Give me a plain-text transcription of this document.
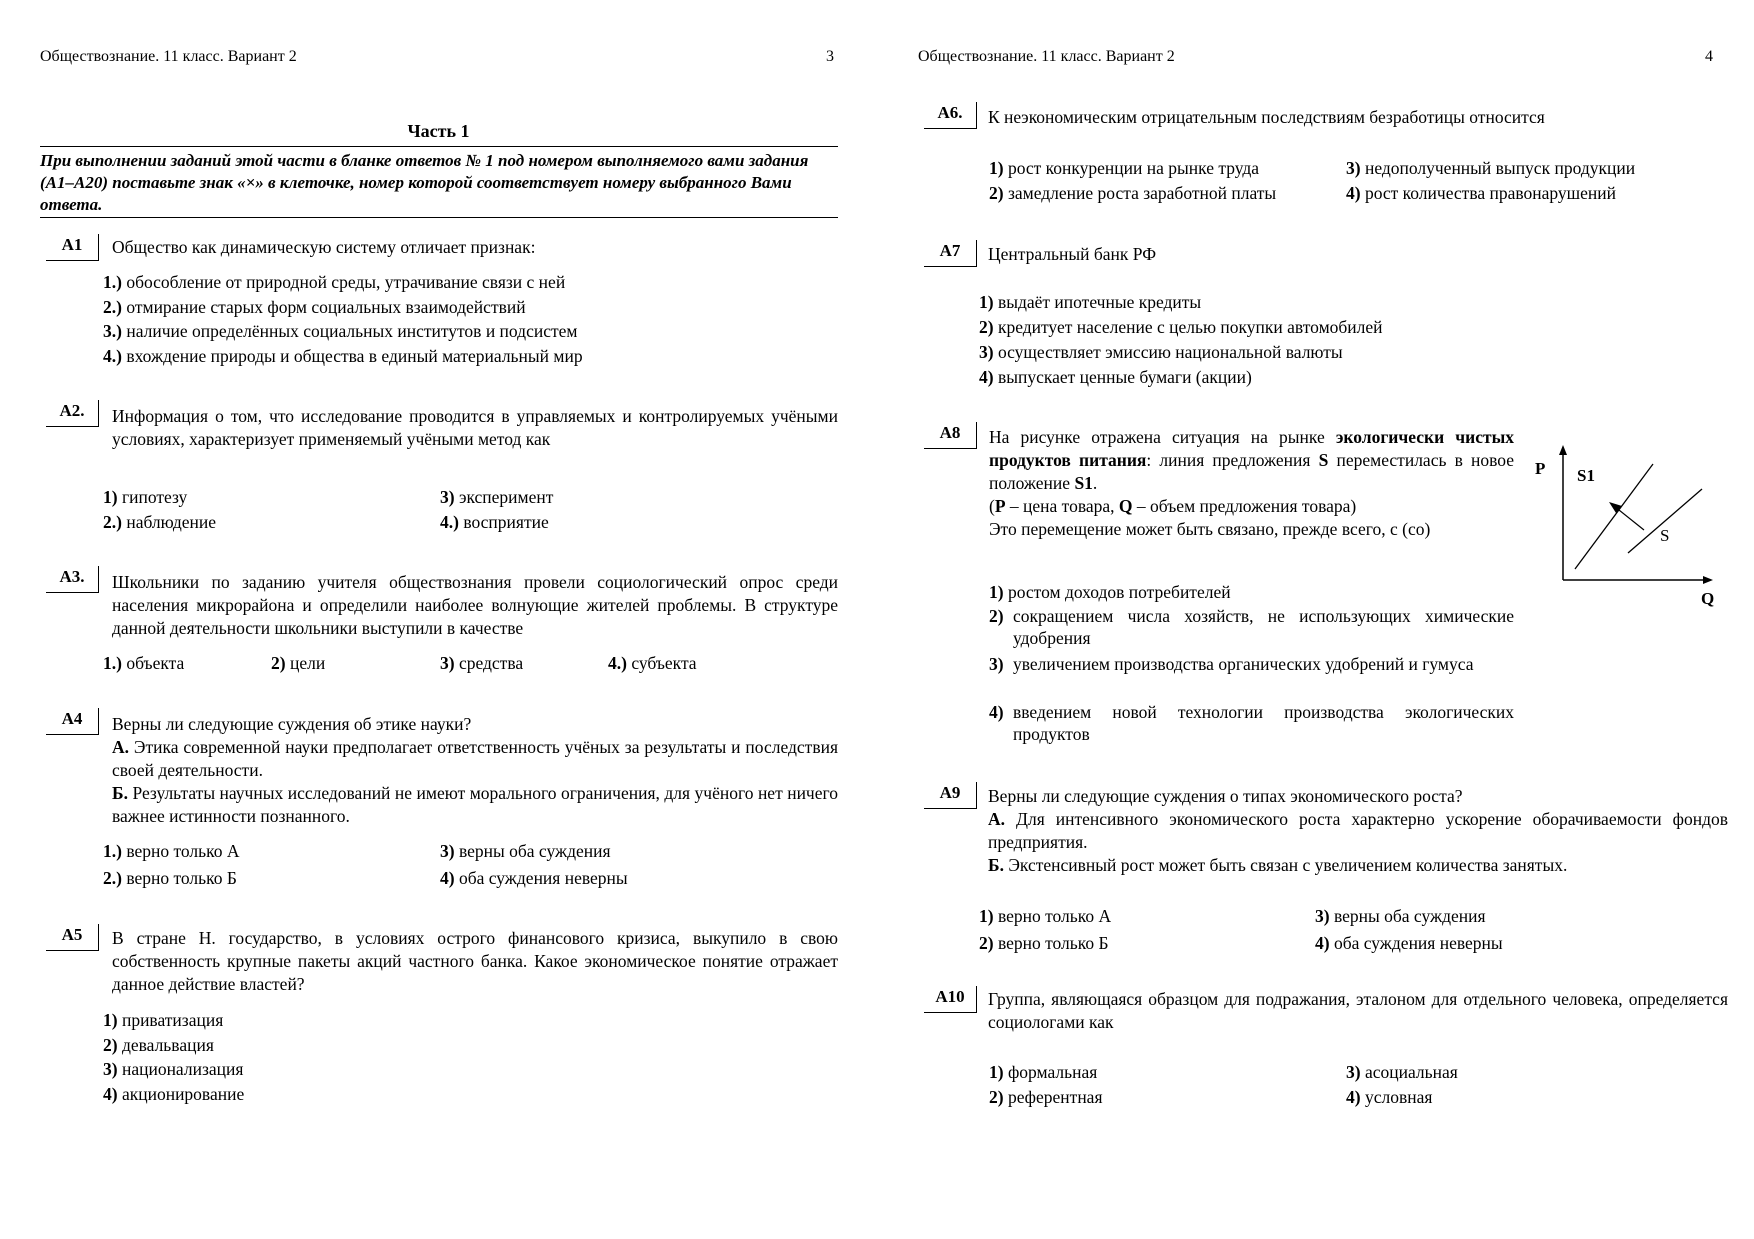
Обществознание. 11 класс. Вариант 2	3
Часть 1
При выполнении заданий этой части в бланке ответов № 1 под номером выполняемого вами задания (А1–А20) поставьте знак «×» в клеточке, номер которой соответствует номеру выбранного Вами ответа.
А1	Общество как динамическую систему отличает признак:
1.) обособление от природной среды, утрачивание связи с ней
2.) отмирание старых форм социальных взаимодействий
3.) наличие определённых социальных институтов и подсистем
4.) вхождение природы и общества в единый материальный мир
А2.	Информация о том, что исследование проводится в управляемых и контролируемых учёными условиях, характеризует применяемый учёными метод как
1) гипотезу	3) эксперимент
2.) наблюдение	4.) восприятие
А3.	Школьники по заданию учителя обществознания провели социологический опрос среди населения микрорайона и определили наиболее волнующие жителей проблемы. В структуре данной деятельности школьники выступили в качестве
1.) объекта	2) цели	3) средства	4.) субъекта
А4	Верны ли следующие суждения об этике науки?
А. Этика современной науки предполагает ответственность учёных за результаты и последствия своей деятельности.
Б. Результаты научных исследований не имеют морального ограничения, для учёного нет ничего важнее истинности познанного.
1.) верно только А	3) верны оба суждения
2.) верно только Б	4) оба суждения неверны
А5	В стране Н. государство, в условиях острого финансового кризиса, выкупило в свою собственность крупные пакеты акций частного банка. Какое экономическое понятие отражает данное действие властей?
1) приватизация
2) девальвация
3) национализация
4) акционирование
Обществознание. 11 класс. Вариант 2	4
А6.	К неэкономическим отрицательным последствиям безработицы относится
1) рост конкуренции на рынке труда	3) недополученный выпуск продукции
2) замедление роста заработной платы	4) рост количества правонарушений
А7	Центральный банк РФ
1) выдаёт ипотечные кредиты
2) кредитует население с целью покупки автомобилей
3) осуществляет эмиссию национальной валюты
4) выпускает ценные бумаги (акции)
А8	На рисунке отражена ситуация на рынке экологически чистых продуктов питания: линия предложения S переместилась в новое положение S1.
(P – цена товара, Q – объем предложения товара)
Это перемещение может быть связано, прежде всего, с (со)
P
Q
S1
S
1) ростом доходов потребителей
2) сокращением числа хозяйств, не использующих химические удобрения
3) увеличением производства органических удобрений и гумуса
4) введением новой технологии производства экологических продуктов
А9	Верны ли следующие суждения о типах экономического роста?
А. Для интенсивного экономического роста характерно ускорение оборачиваемости фондов предприятия.
Б. Экстенсивный рост может быть связан с увеличением количества занятых.
1) верно только А	3) верны оба суждения
2) верно только Б	4) оба суждения неверны
А10	Группа, являющаяся образцом для подражания, эталоном для отдельного человека, определяется социологами как
1) формальная	3) асоциальная
2) референтная	4) условная
